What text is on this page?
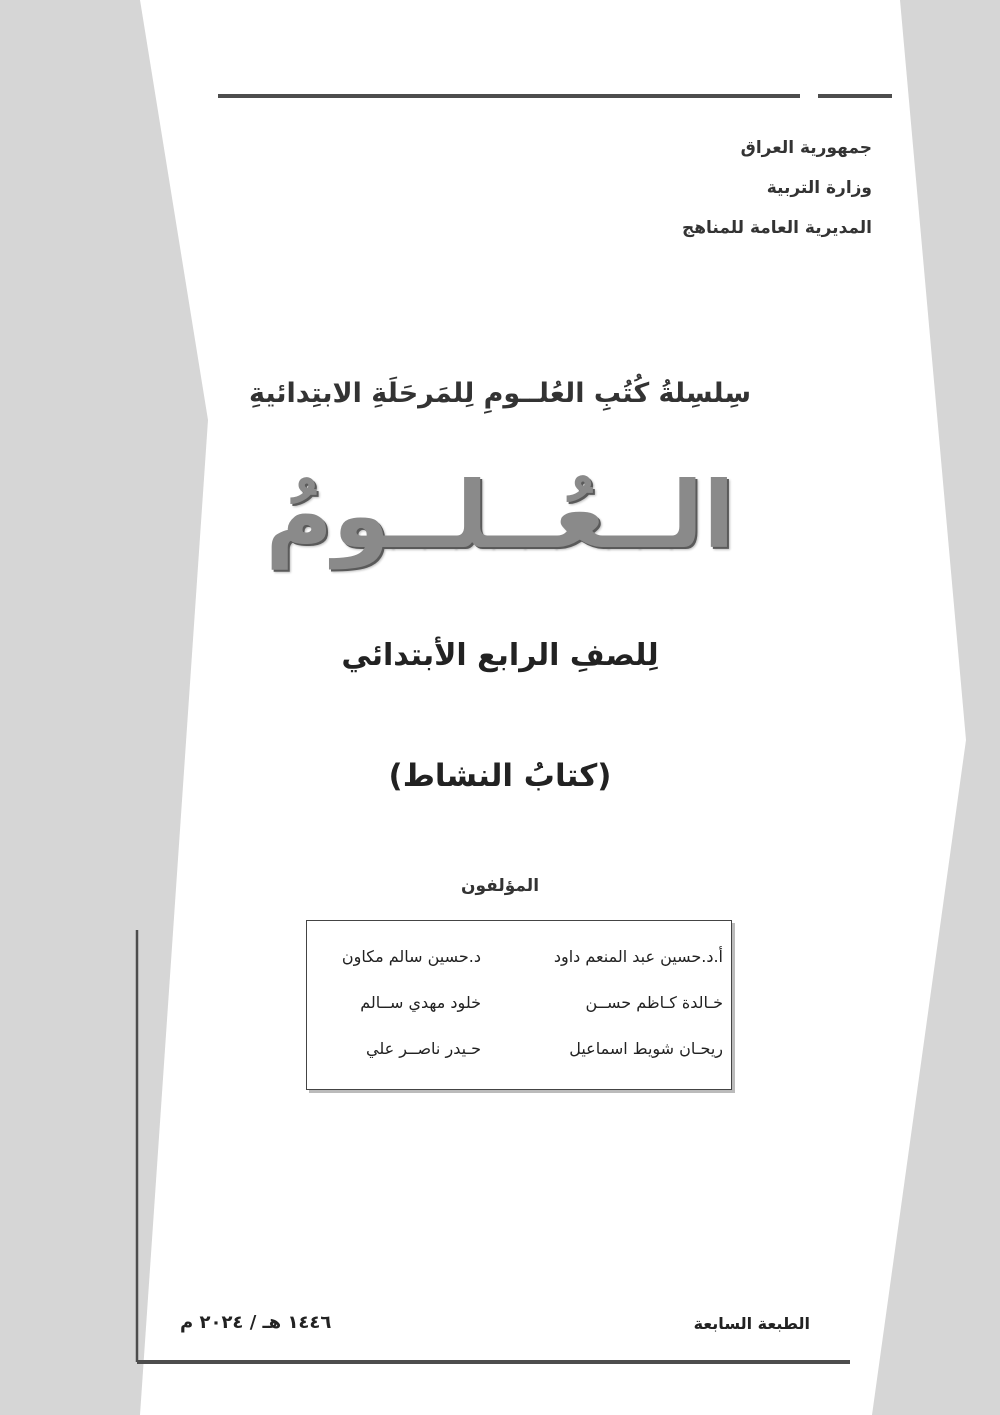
جمهورية العراق
وزارة التربية
المديرية العامة للمناهج
سِلسِلةُ كُتُبِ العُلــومِ لِلمَرحَلَةِ الابتِدائيةِ
الــعُــلــومُ
لِلصفِ الرابع الأبتدائي
(كتابُ النشاط)
المؤلفون
أ.د.حسين عبد المنعم داود
د.حسين سالم مكاون
خـالدة كـاظم حســن
خلود مهدي ســالم
ريحـان شويط اسماعيل
حـيدر ناصــر علي
الطبعة السابعة
١٤٤٦ هـ / ٢٠٢٤ م
